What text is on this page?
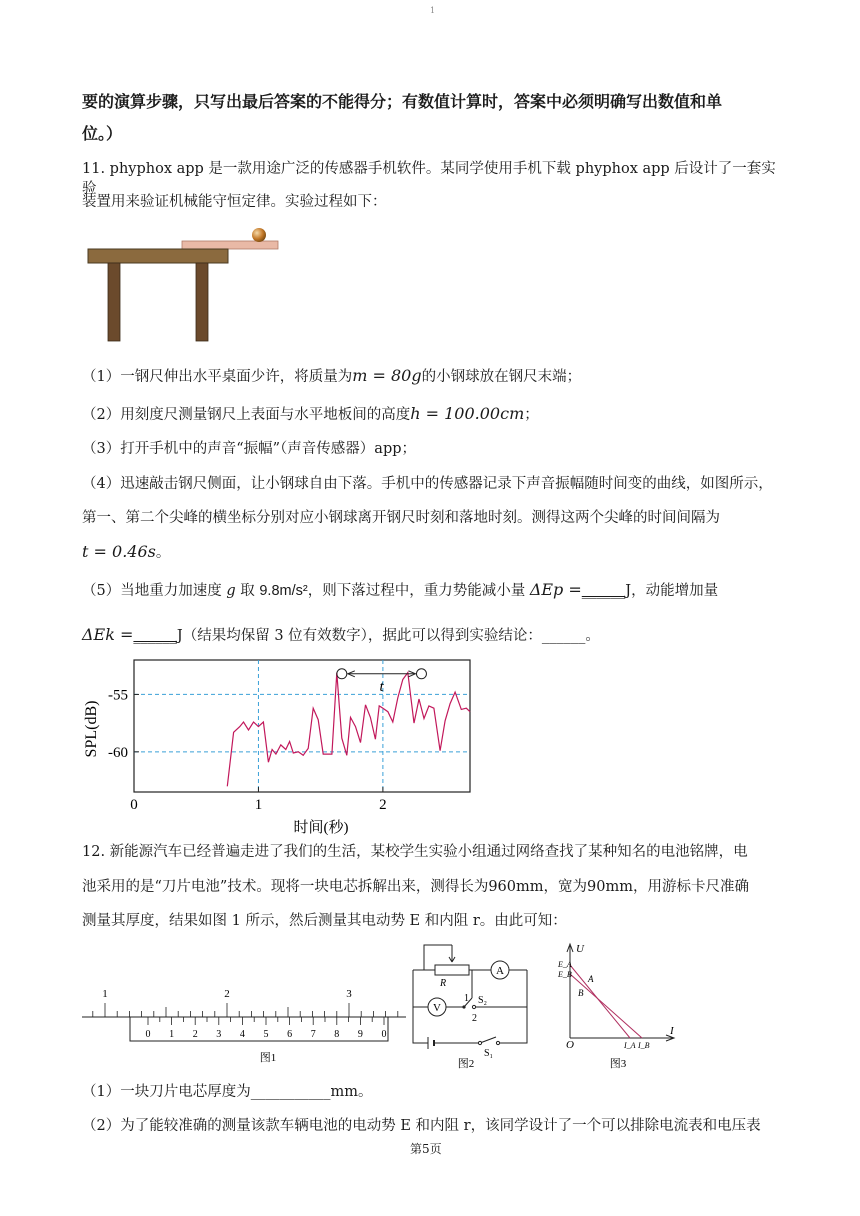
1
要的演算步骤，只写出最后答案的不能得分；有数值计算时，答案中必须明确写出数值和单
位。）
11. phyphox app 是一款用途广泛的传感器手机软件。某同学使用手机下载 phyphox app 后设计了一套实验
装置用来验证机械能守恒定律。实验过程如下：
（1）一钢尺伸出水平桌面少许，将质量为m = 80g的小钢球放在钢尺末端；
（2）用刻度尺测量钢尺上表面与水平地板间的高度h = 100.00cm；
（3）打开手机中的声音“振幅”（声音传感器）app；
（4）迅速敲击钢尺侧面，让小钢球自由下落。手机中的传感器记录下声音振幅随时间变的曲线，如图所示，
第一、第二个尖峰的横坐标分别对应小钢球离开钢尺时刻和落地时刻。测得这两个尖峰的时间间隔为
t = 0.46s。
（5）当地重力加速度 g 取 9.8m/s²，则下落过程中，重力势能减小量 ΔEp =______J，动能增加量
ΔEk =______J（结果均保留 3 位有效数字），据此可以得到实验结论：______。
SPL(dB)
0	1	2
-55
-60
t
时间(秒)
12. 新能源汽车已经普遍走进了我们的生活，某校学生实验小组通过网络查找了某种知名的电池铭牌，电
池采用的是“刀片电池”技术。现将一块电芯拆解出来，测得长为960mm，宽为90mm，用游标卡尺准确
测量其厚度，结果如图 1 所示，然后测量其电动势 E 和内阻 r。由此可知：
1	2	3
0 1 2 3 4 5 6 7 8 9 0
图1
R
A
V
1
2
S₂
S₁
图2
U
I
O
E_A
E_B A
B
I_A I_B
图3
（1）一块刀片电芯厚度为___________mm。
（2）为了能较准确的测量该款车辆电池的电动势 E 和内阻 r，该同学设计了一个可以排除电流表和电压表
第5页
